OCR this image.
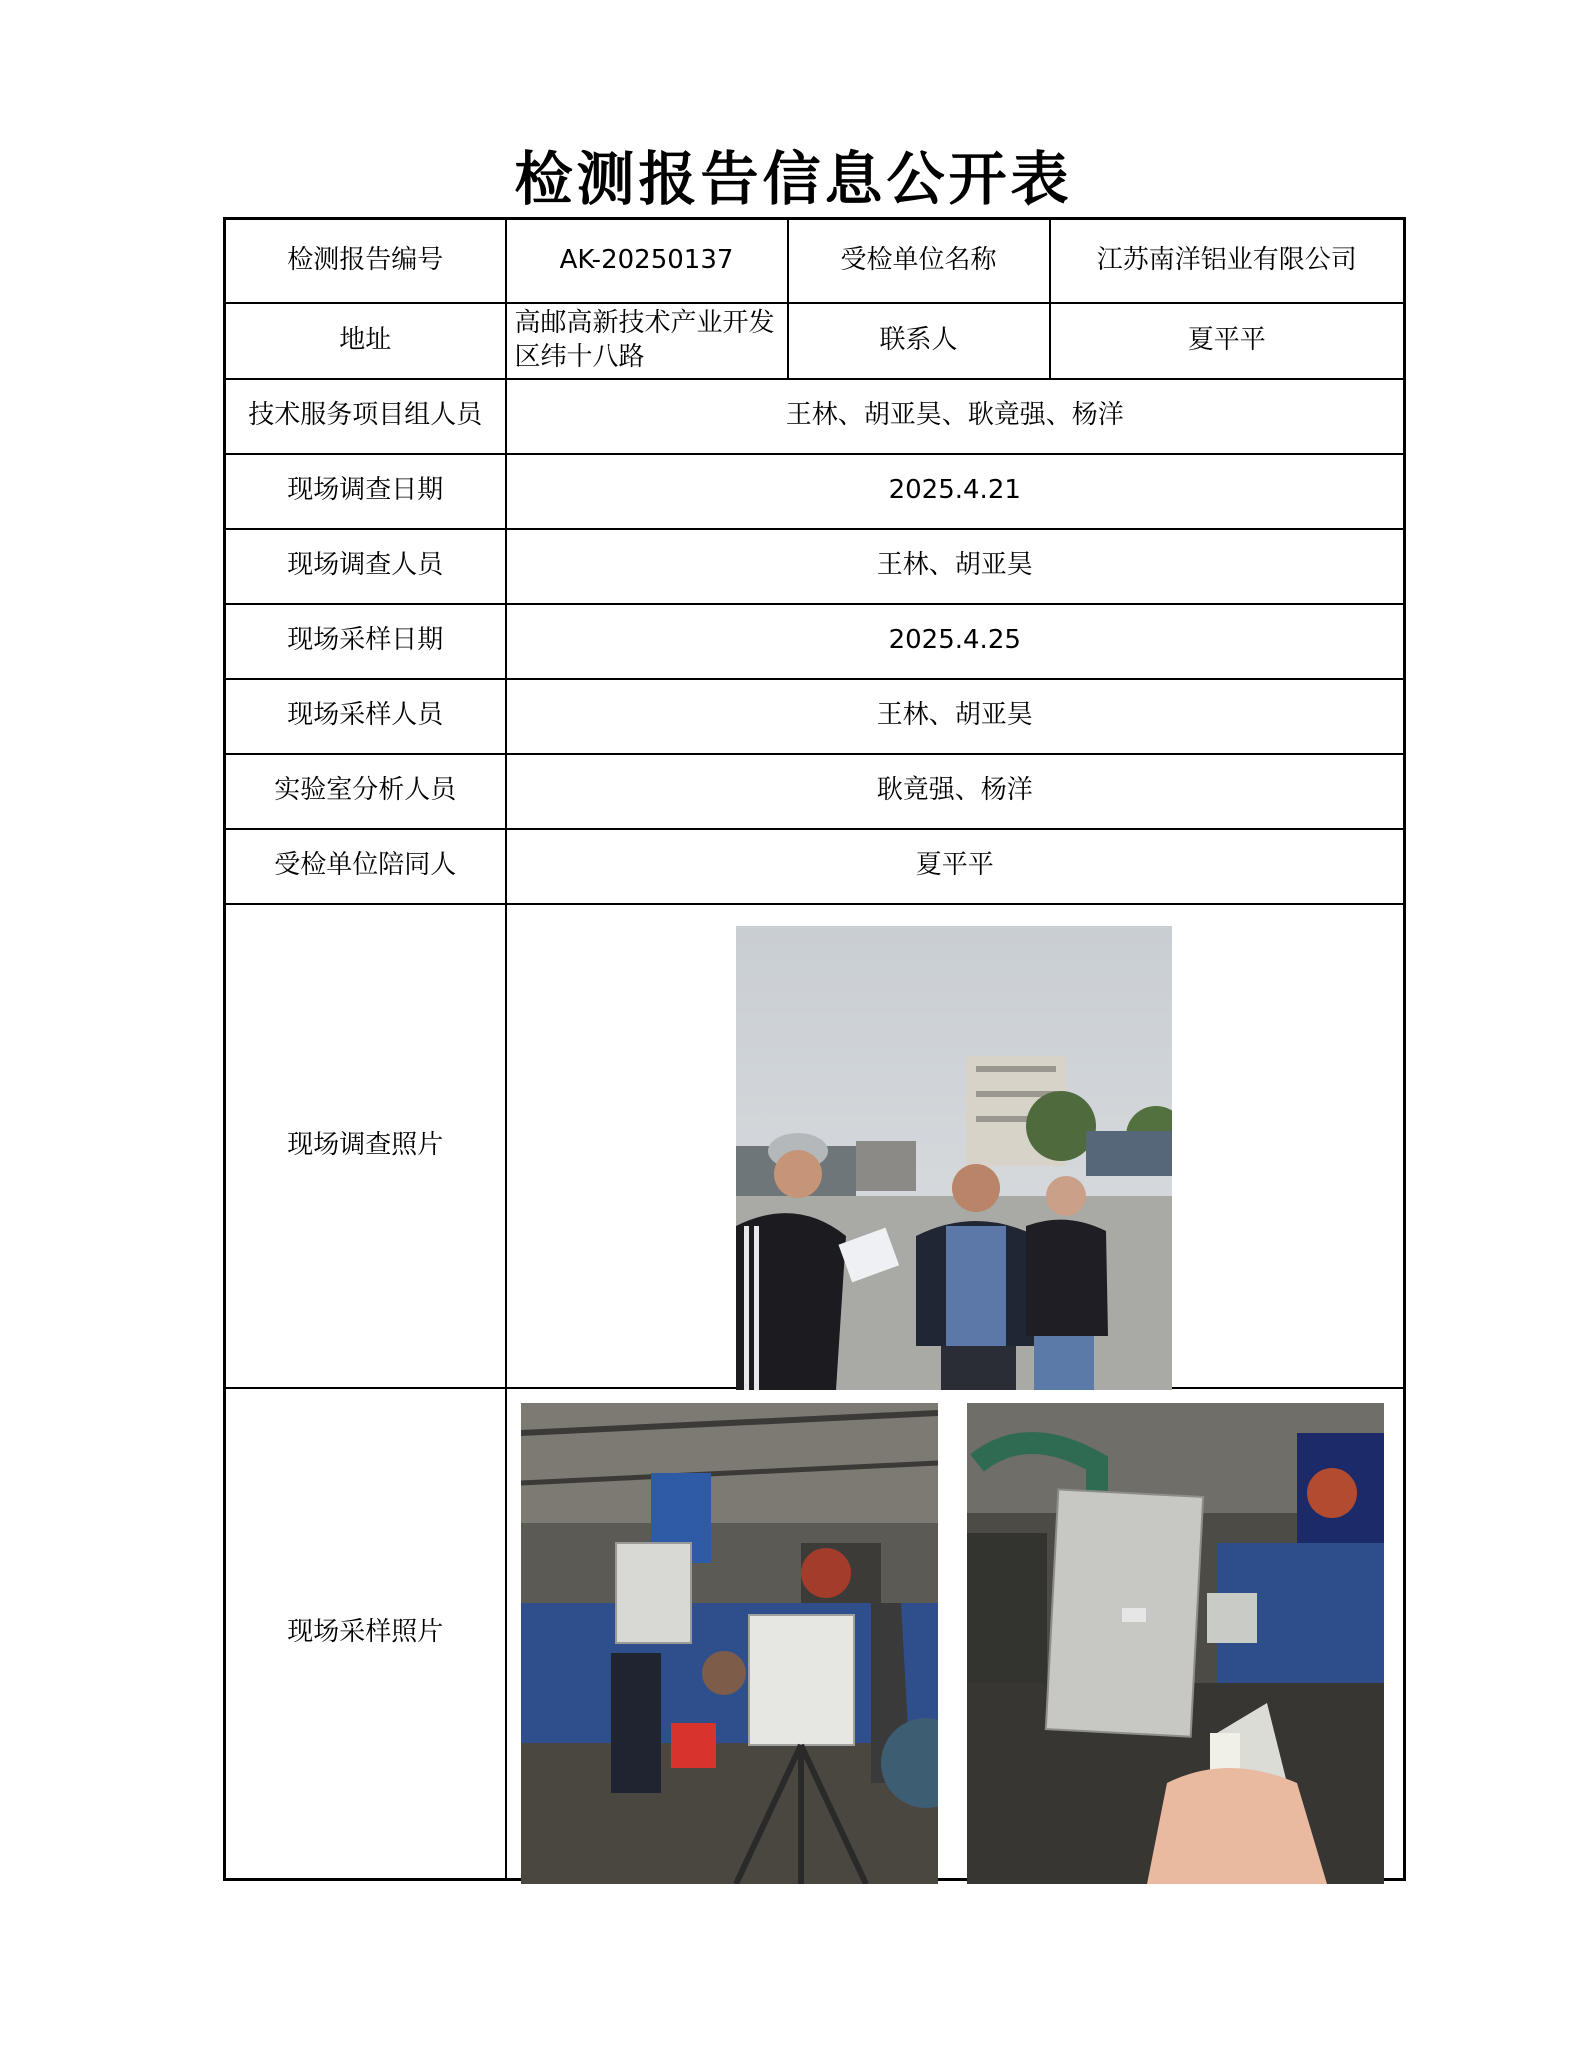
检测报告信息公开表
检测报告编号	AK-20250137	受检单位名称	江苏南洋铝业有限公司
地址	高邮高新技术产业开发区纬十八路	联系人	夏平平
技术服务项目组人员	王林、胡亚昊、耿竟强、杨洋		
现场调查日期	2025.4.21		
现场调查人员	王林、胡亚昊		
现场采样日期	2025.4.25		
现场采样人员	王林、胡亚昊		
实验室分析人员	耿竟强、杨洋		
受检单位陪同人	夏平平		
现场调查照片			
现场采样照片			
